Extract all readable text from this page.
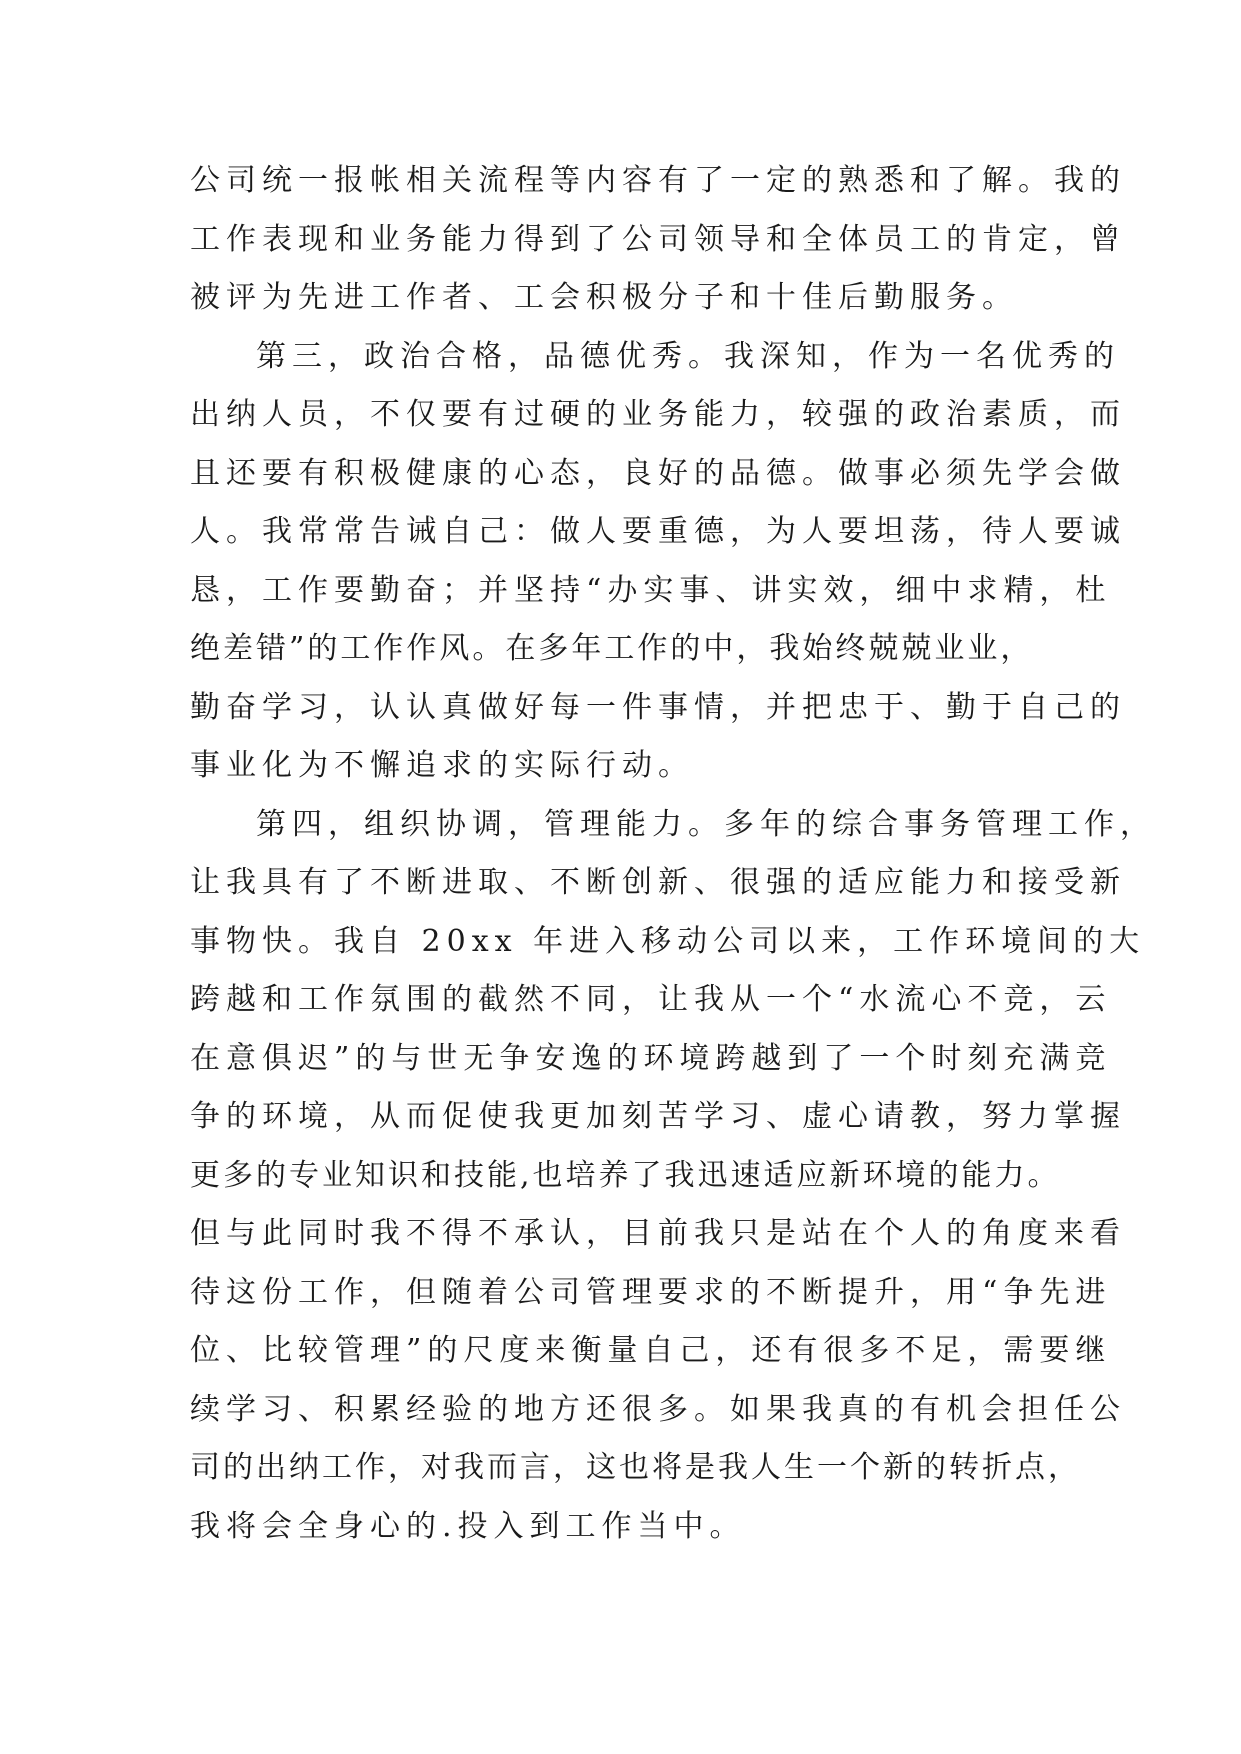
公司统一报帐相关流程等内容有了一定的熟悉和了解。我的
工作表现和业务能力得到了公司领导和全体员工的肯定，曾
被评为先进工作者、工会积极分子和十佳后勤服务。
第三，政治合格，品德优秀。我深知，作为一名优秀的
出纳人员，不仅要有过硬的业务能力，较强的政治素质，而
且还要有积极健康的心态，良好的品德。做事必须先学会做
人。我常常告诫自己：做人要重德，为人要坦荡，待人要诚
恳，工作要勤奋；并坚持“办实事、讲实效，细中求精，杜
绝差错”的工作作风。在多年工作的中，我始终兢兢业业，
勤奋学习，认认真做好每一件事情，并把忠于、勤于自己的
事业化为不懈追求的实际行动。
第四，组织协调，管理能力。多年的综合事务管理工作，
让我具有了不断进取、不断创新、很强的适应能力和接受新
事物快。我自 20xx 年进入移动公司以来，工作环境间的大
跨越和工作氛围的截然不同，让我从一个“水流心不竞，云
在意俱迟”的与世无争安逸的环境跨越到了一个时刻充满竞
争的环境，从而促使我更加刻苦学习、虚心请教，努力掌握
更多的专业知识和技能,也培养了我迅速适应新环境的能力。
但与此同时我不得不承认，目前我只是站在个人的角度来看
待这份工作，但随着公司管理要求的不断提升，用“争先进
位、比较管理”的尺度来衡量自己，还有很多不足，需要继
续学习、积累经验的地方还很多。如果我真的有机会担任公
司的出纳工作，对我而言，这也将是我人生一个新的转折点，
我将会全身心的.投入到工作当中。
